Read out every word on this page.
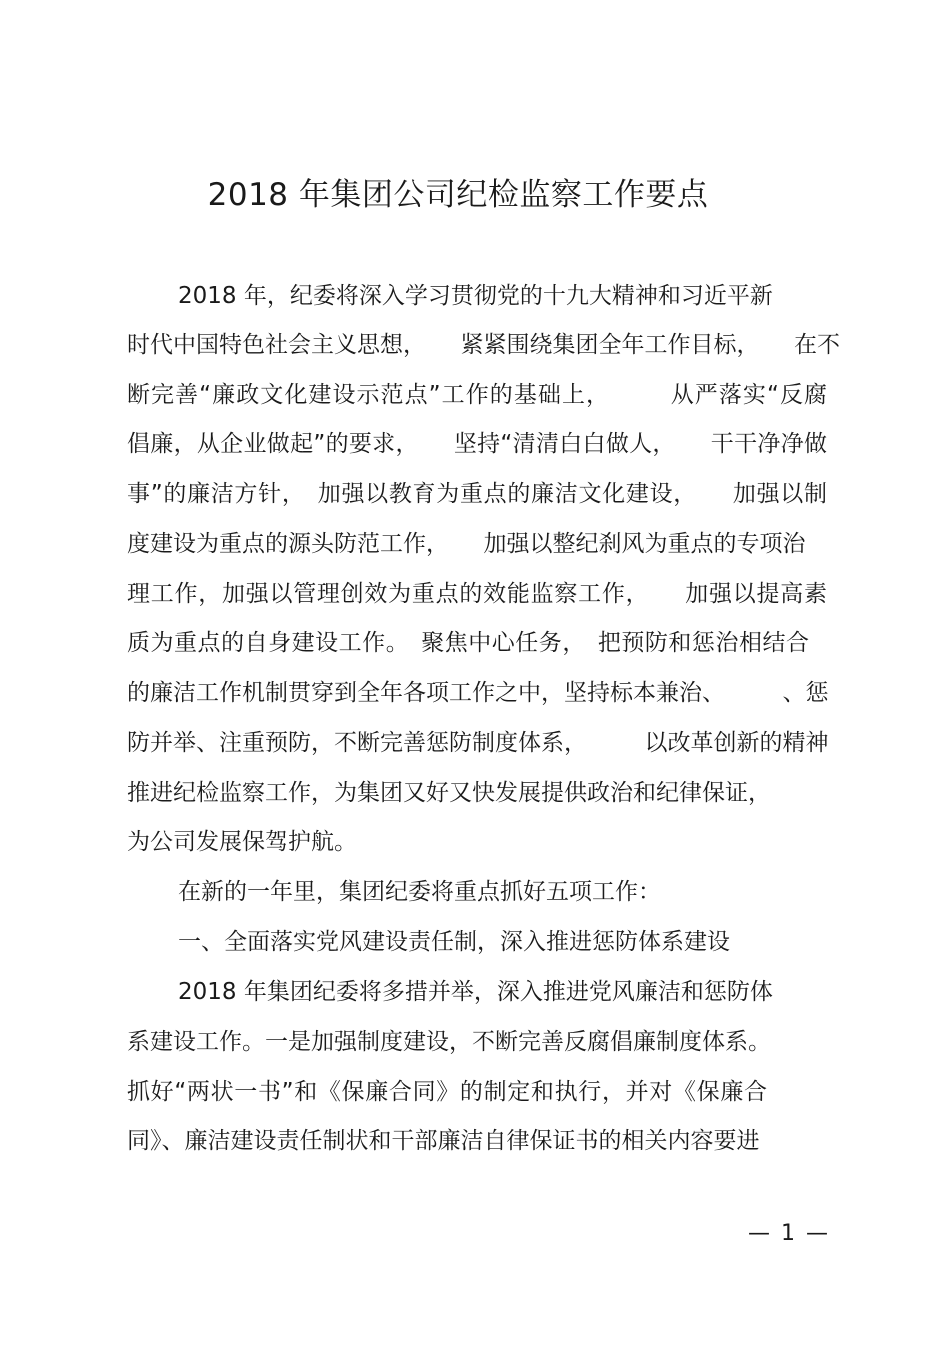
2018 年集团公司纪检监察工作要点
2018 年，纪委将深入学习贯彻党的十九大精神和习近平新
时代中国特色社会主义思想，　　紧紧围绕集团全年工作目标，　　在不
断完善“廉政文化建设示范点”工作的基础上，　　　从严落实“反腐
倡廉，从企业做起”的要求，　　坚持“清清白白做人，　　干干净净做
事”的廉洁方针，　加强以教育为重点的廉洁文化建设，　　加强以制
度建设为重点的源头防范工作，　　加强以整纪刹风为重点的专项治
理工作，加强以管理创效为重点的效能监察工作，　　加强以提高素
质为重点的自身建设工作。　聚焦中心任务，　把预防和惩治相结合
的廉洁工作机制贯穿到全年各项工作之中，坚持标本兼治、　　　、惩
防并举、注重预防，不断完善惩防制度体系，　　　以改革创新的精神
推进纪检监察工作，为集团又好又快发展提供政治和纪律保证，
为公司发展保驾护航。
在新的一年里，集团纪委将重点抓好五项工作：
一、全面落实党风建设责任制，深入推进惩防体系建设
2018 年集团纪委将多措并举，深入推进党风廉洁和惩防体
系建设工作。一是加强制度建设，不断完善反腐倡廉制度体系。
抓好“两状一书”和《保廉合同》的制定和执行，并对《保廉合
同》、廉洁建设责任制状和干部廉洁自律保证书的相关内容要进
— 1 —
